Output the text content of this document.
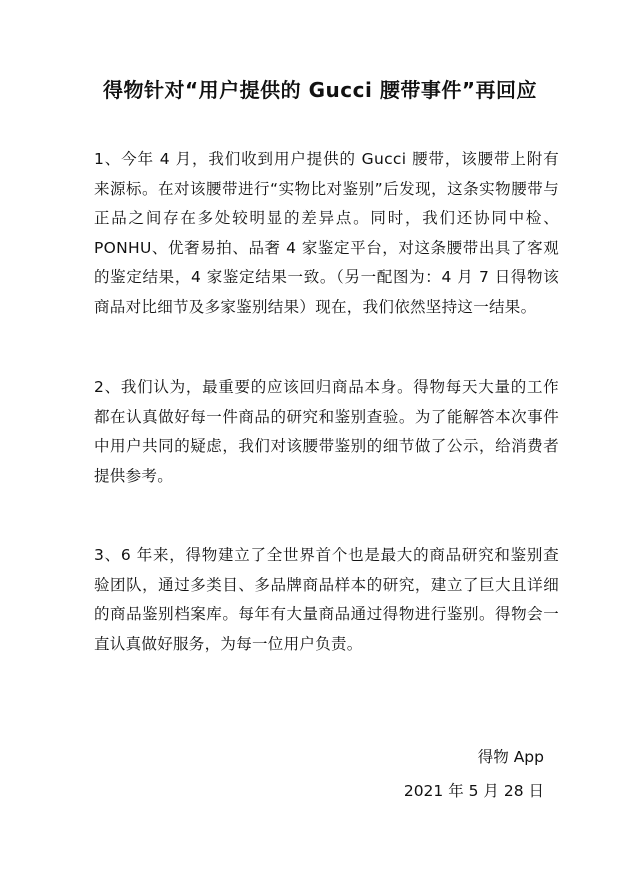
得物针对“用户提供的 Gucci 腰带事件”再回应

1、今年 4 月，我们收到用户提供的 Gucci 腰带，该腰带上附有来源标。在对该腰带进行“实物比对鉴别”后发现，这条实物腰带与正品之间存在多处较明显的差异点。同时，我们还协同中检、PONHU、优奢易拍、品奢 4 家鉴定平台，对这条腰带出具了客观的鉴定结果，4 家鉴定结果一致。（另一配图为：4 月 7 日得物该商品对比细节及多家鉴别结果）现在，我们依然坚持这一结果。

2、我们认为，最重要的应该回归商品本身。得物每天大量的工作都在认真做好每一件商品的研究和鉴别查验。为了能解答本次事件中用户共同的疑虑，我们对该腰带鉴别的细节做了公示，给消费者提供参考。

3、6 年来，得物建立了全世界首个也是最大的商品研究和鉴别查验团队，通过多类目、多品牌商品样本的研究，建立了巨大且详细的商品鉴别档案库。每年有大量商品通过得物进行鉴别。得物会一直认真做好服务，为每一位用户负责。

得物 App

2021 年 5 月 28 日
